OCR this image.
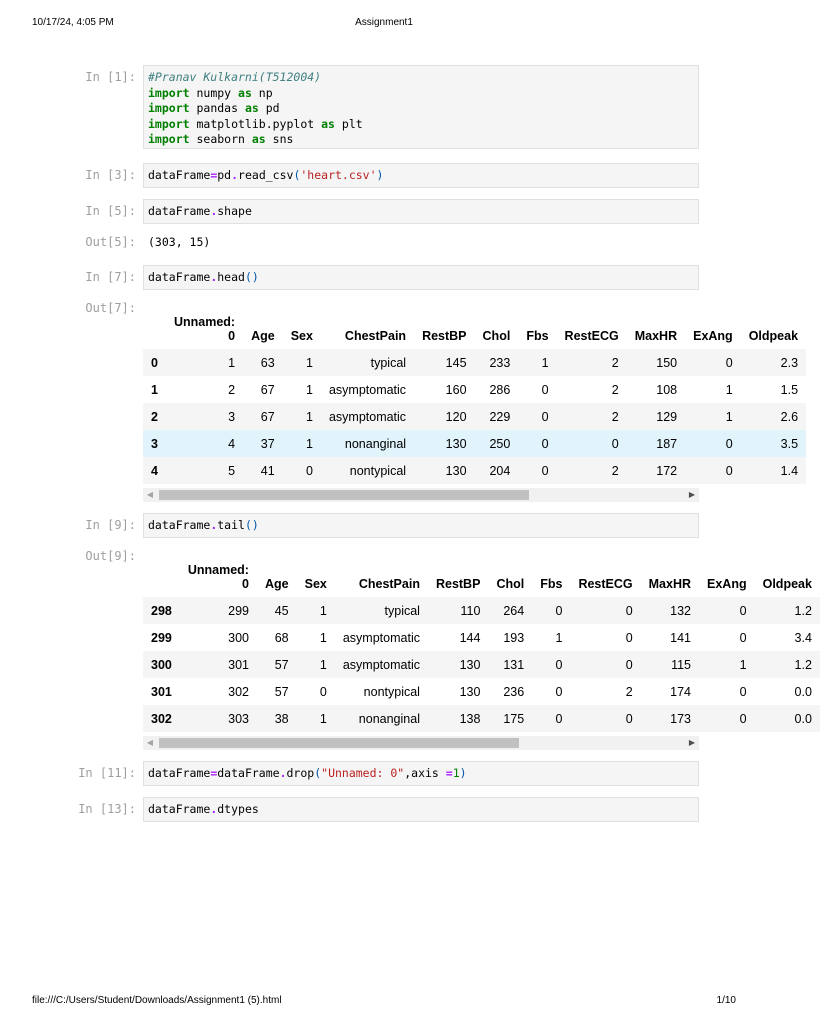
10/17/24, 4:05 PM	Assignment1
In [1]: #Pranav Kulkarni(T512004)
import numpy as np
import pandas as pd
import matplotlib.pyplot as plt
import seaborn as sns
In [3]: dataFrame=pd.read_csv('heart.csv')
In [5]: dataFrame.shape
Out[5]: (303, 15)
In [7]: dataFrame.head()
Out[7]:
	Unnamed:
0	Age	Sex	ChestPain	RestBP	Chol	Fbs	RestECG	MaxHR	ExAng	Oldpeak
0	1	63	1	typical	145	233	1	2	150	0	2.3
1	2	67	1	asymptomatic	160	286	0	2	108	1	1.5
2	3	67	1	asymptomatic	120	229	0	2	129	1	2.6
3	4	37	1	nonanginal	130	250	0	0	187	0	3.5
4	5	41	0	nontypical	130	204	0	2	172	0	1.4
◀	▶
In [9]: dataFrame.tail()
Out[9]:
	Unnamed:
0	Age	Sex	ChestPain	RestBP	Chol	Fbs	RestECG	MaxHR	ExAng	Oldpeak
298	299	45	1	typical	110	264	0	0	132	0	1.2
299	300	68	1	asymptomatic	144	193	1	0	141	0	3.4
300	301	57	1	asymptomatic	130	131	0	0	115	1	1.2
301	302	57	0	nontypical	130	236	0	2	174	0	0.0
302	303	38	1	nonanginal	138	175	0	0	173	0	0.0
◀	▶
In [11]: dataFrame=dataFrame.drop("Unnamed: 0",axis =1)
In [13]: dataFrame.dtypes
file:///C:/Users/Student/Downloads/Assignment1 (5).html	1/10
